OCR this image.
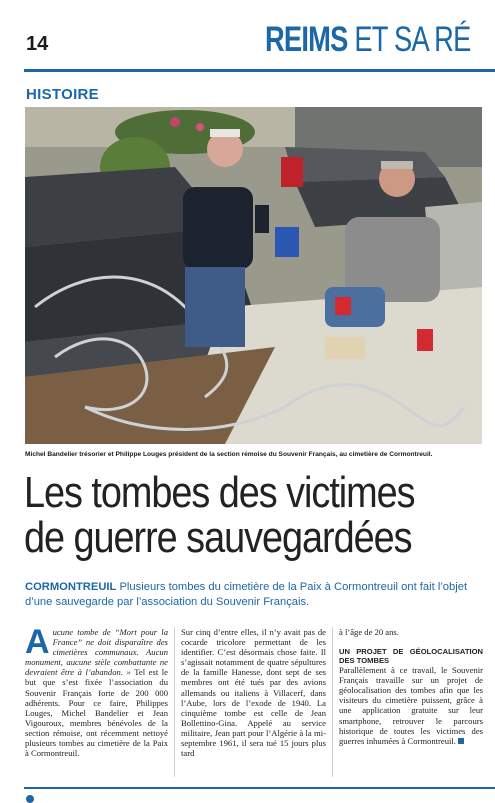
14	REIMS ET SA RÉ
HISTOIRE
Michel Bandelier trésorier et Philippe Louges président de la section rémoise du Souvenir Français, au cimetière de Cormontreuil.
Les tombes des victimes
de guerre sauvegardées
CORMONTREUIL Plusieurs tombes du cimetière de la Paix à Cormontreuil ont fait l’objet d’une sauvegarde par l’association du Souvenir Français.
Aucune tombe de “Mort pour la France” ne doit disparaître des cimetières communaux. Aucun monument, aucune stèle combattante ne devraient être à l’abandon. » Tel est le but que s’est fixée l’association du Souvenir Français forte de 200 000 adhérents. Pour ce faire, Philippes Louges, Michel Bandelier et Jean Vigouroux, membres bénévoles de la section rémoise, ont récemment nettoyé plusieurs tombes au cimetière de la Paix à Cormontreuil.
Sur cinq d’entre elles, il n’y avait pas de cocarde tricolore permettant de les identifier. C’est désormais chose faite. Il s’agissait notamment de quatre sépultures de la famille Hanesse, dont sept de ses membres ont été tués par des avions allemands ou italiens à Villacerf, dans l’Aube, lors de l’exode de 1940. La cinquième tombe est celle de Jean Bollettino-Gina. Appelé au service militaire, Jean part pour l’Algérie à la mi-septembre 1961, il sera tué 15 jours plus tard
à l’âge de 20 ans.
UN PROJET DE GÉOLOCALISATION DES TOMBES
Parallèlement à ce travail, le Souvenir Français travaille sur un projet de géolocalisation des tombes afin que les visiteurs du cimetière puissent, grâce à une application gratuite sur leur smartphone, retrouver le parcours historique de toutes les victimes des guerres inhumées à Cormontreuil.
